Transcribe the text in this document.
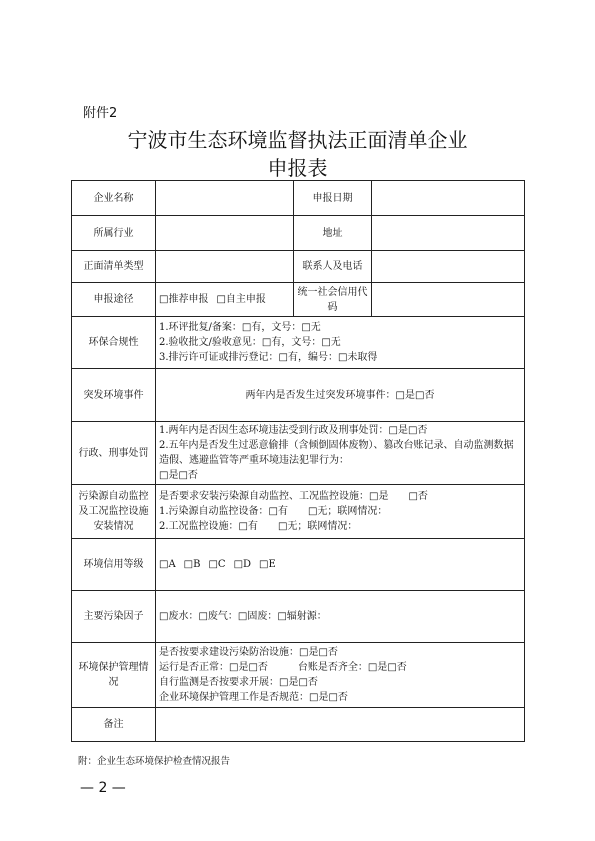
附件2
宁波市生态环境监督执法正面清单企业
申报表
企业名称		申报日期	

所属行业		地址	

正面清单类型		联系人及电话	

申报途径	□推荐申报 □自主申报	统一社会信用代码	

环保合规性	1.环评批复/备案：□有，文号：□无
2.验收批文/验收意见：□有，文号：□无
3.排污许可证或排污登记：□有，编号：□未取得		

突发环境事件	两年内是否发生过突发环境事件：□是□否		
行政、刑事处罚	1.两年内是否因生态环境违法受到行政及刑事处罚：□是□否
2.五年内是否发生过恶意偷排（含倾倒固体废物）、篡改台账记录、自动监测数据造假、逃避监管等严重环境违法犯罪行为：
□是□否		

污染源自动监控及工况监控设施安装情况	是否要求安装污染源自动监控、工况监控设施：□是　　□否
1.污染源自动监控设备：□有　　□无；联网情况：
2.工况监控设施：□有　　□无；联网情况：		

环境信用等级	□A □B □C □D □E		
主要污染因子	□废水：□废气：□固废：□辐射源：		
环境保护管理情况	是否按要求建设污染防治设施：□是□否
运行是否正常：□是□否　　　台账是否齐全：□是□否
自行监测是否按要求开展：□是□否
企业环境保护管理工作是否规范：□是□否		

备注			
附：企业生态环境保护检查情况报告
— 2 —
